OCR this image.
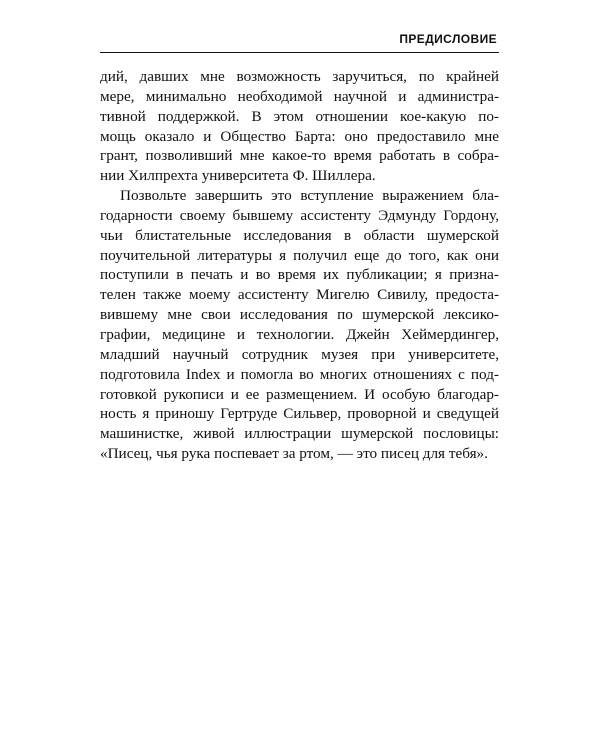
ПРЕДИСЛОВИЕ
дий, давших мне возможность заручиться, по крайней
мере, минимально необходимой научной и администра-
тивной поддержкой. В этом отношении кое-какую по-
мощь оказало и Общество Барта: оно предоставило мне
грант, позволивший мне какое-то время работать в собра-
нии Хилпрехта университета Ф. Шиллера.
Позвольте завершить это вступление выражением бла-
годарности своему бывшему ассистенту Эдмунду Гордону,
чьи блистательные исследования в области шумерской
поучительной литературы я получил еще до того, как они
поступили в печать и во время их публикации; я призна-
телен также моему ассистенту Мигелю Сивилу, предоста-
вившему мне свои исследования по шумерской лексико-
графии, медицине и технологии. Джейн Хеймердингер,
младший научный сотрудник музея при университете,
подготовила Index и помогла во многих отношениях с под-
готовкой рукописи и ее размещением. И особую благодар-
ность я приношу Гертруде Сильвер, проворной и сведущей
машинистке, живой иллюстрации шумерской пословицы:
«Писец, чья рука поспевает за ртом, — это писец для тебя».
